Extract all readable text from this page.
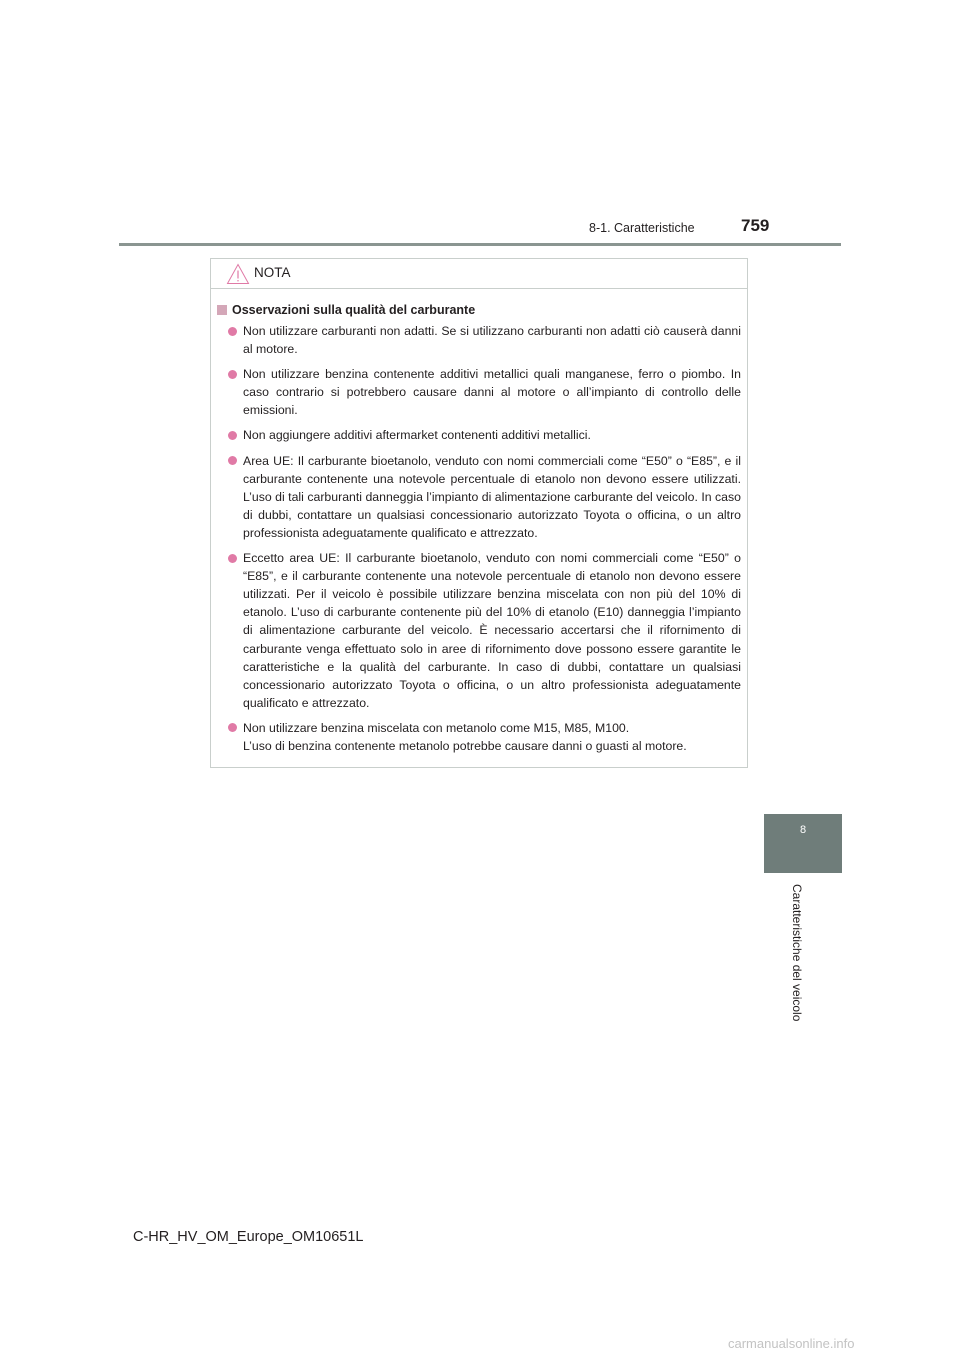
8-1. Caratteristiche	759
NOTA
Osservazioni sulla qualità del carburante
Non utilizzare carburanti non adatti. Se si utilizzano carburanti non adatti ciò causerà danni al motore.
Non utilizzare benzina contenente additivi metallici quali manganese, ferro o piombo. In caso contrario si potrebbero causare danni al motore o all’impianto di controllo delle emissioni.
Non aggiungere additivi aftermarket contenenti additivi metallici.
Area UE: Il carburante bioetanolo, venduto con nomi commerciali come “E50” o “E85”, e il carburante contenente una notevole percentuale di etanolo non devono essere utilizzati. L’uso di tali carburanti danneggia l’impianto di alimentazione carburante del veicolo. In caso di dubbi, contattare un qualsiasi concessionario autorizzato Toyota o officina, o un altro professionista adeguatamente qualificato e attrezzato.
Eccetto area UE: Il carburante bioetanolo, venduto con nomi commerciali come “E50” o “E85”, e il carburante contenente una notevole percentuale di etanolo non devono essere utilizzati. Per il veicolo è possibile utilizzare benzina miscelata con non più del 10% di etanolo. L’uso di carburante contenente più del 10% di etanolo (E10) danneggia l’impianto di alimentazione carburante del veicolo. È necessario accertarsi che il rifornimento di carburante venga effettuato solo in aree di rifornimento dove possono essere garantite le caratteristiche e la qualità del carburante. In caso di dubbi, contattare un qualsiasi concessionario autorizzato Toyota o officina, o un altro professionista adeguatamente qualificato e attrezzato.
Non utilizzare benzina miscelata con metanolo come M15, M85, M100.
L’uso di benzina contenente metanolo potrebbe causare danni o guasti al motore.
8
Caratteristiche del veicolo
C-HR_HV_OM_Europe_OM10651L
carmanualsonline.info
